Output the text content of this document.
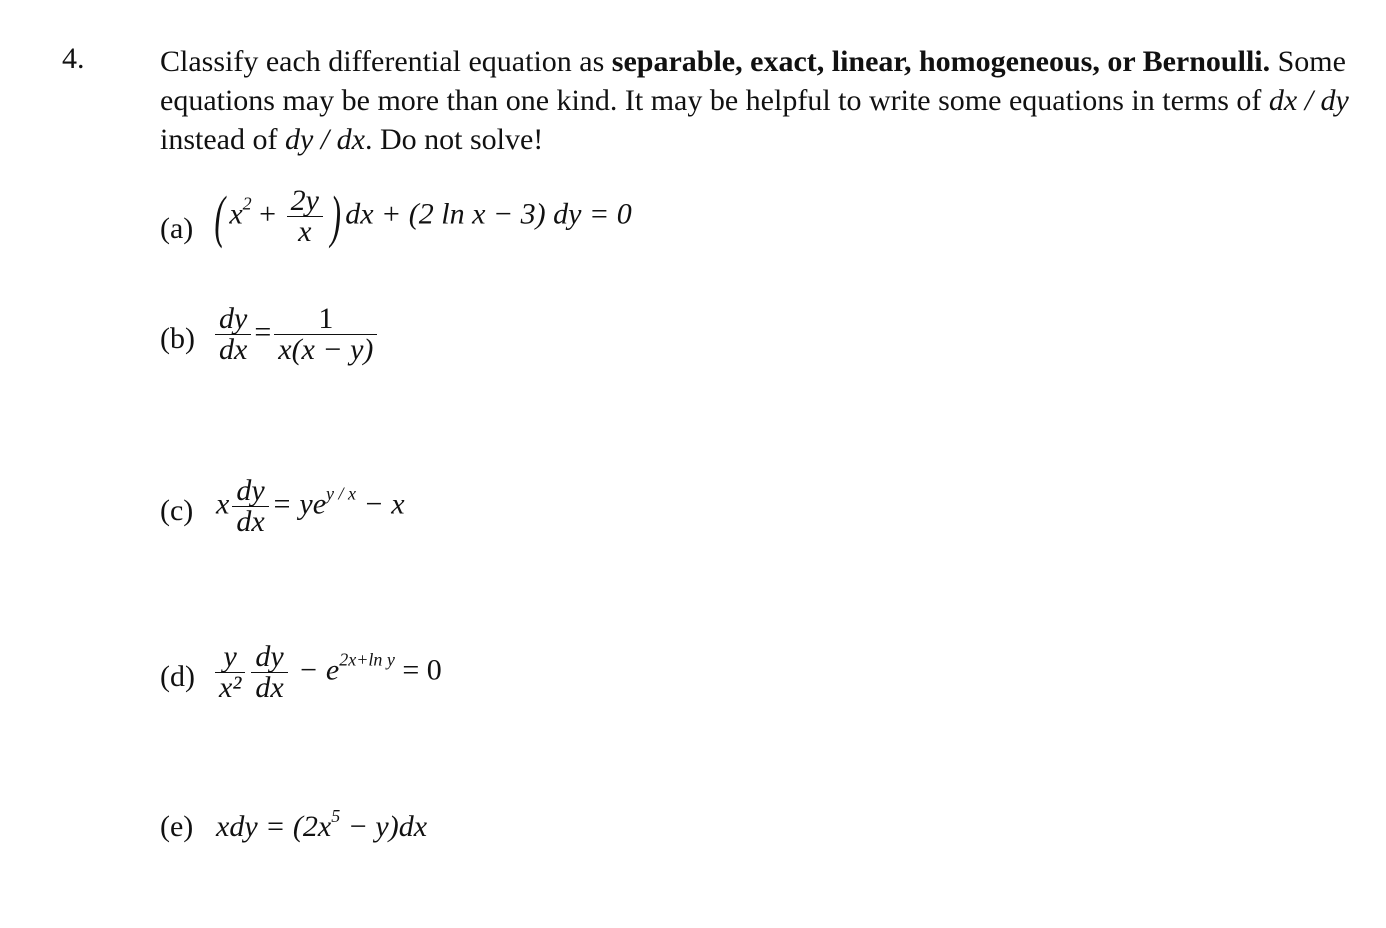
4.	Classify each differential equation as separable, exact, linear, homogeneous, or Bernoulli. Some equations may be more than one kind. It may be helpful to write some equations in terms of dx / dy instead of dy / dx. Do not solve!
(a) ( $x^2 + \frac{2y}{x}$ ) dx + (2 ln x − 3) dy = 0
$(b) \frac{dy}{dx} = \frac{1}{x(x - y)}$
(c) x $\frac{dy}{dx} = ye^{y / x} - x$
$(d) \frac{y}{\text{x²}} \frac{dy}{dx} - e^{2x+ln y} = 0$
(e) xdy = $(2x^5 - y)dx$
